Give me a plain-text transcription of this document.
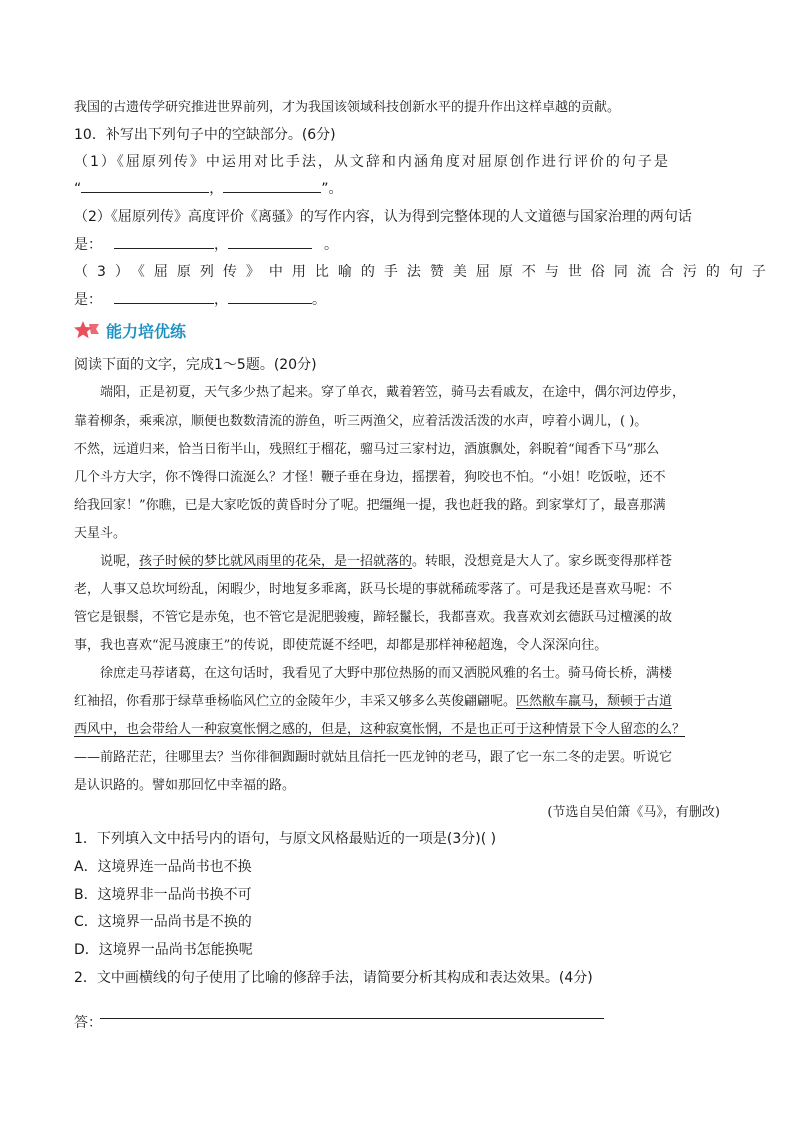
我国的古遗传学研究推进世界前列，才为我国该领域科技创新水平的提升作出这样卓越的贡献。
10．补写出下列句子中的空缺部分。(6分)
（1）《屈原列传》中运用对比手法，从文辞和内涵角度对屈原创作进行评价的句子是
“	，	”。
（2）《屈原列传》高度评价《离骚》的写作内容，认为得到完整体现的人文道德与国家治理的两句话
是：	，	。
（3）《屈原列传》中用比喻的手法赞美屈原不与世俗同流合污的句子
是：	，	。
能力培优练
阅读下面的文字，完成1～5题。(20分)
端阳，正是初夏，天气多少热了起来。穿了单衣，戴着箬笠，骑马去看戚友，在途中，偶尔河边停步，
靠着柳条，乘乘凉，顺便也数数清流的游鱼，听三两渔父，应着活泼活泼的水声，哼着小调儿，( )。
不然，远道归来，恰当日衔半山，残照红于榴花，骝马过三家村边，酒旗飘处，斜睨着“闻香下马”那么
几个斗方大字，你不馋得口流涎么？才怪！鞭子垂在身边，摇摆着，狗咬也不怕。“小姐！吃饭啦，还不
给我回家！”你瞧，已是大家吃饭的黄昏时分了呢。把缰绳一提，我也赶我的路。到家掌灯了，最喜那满
天星斗。
说呢，孩子时候的梦比就风雨里的花朵，是一招就落的。转眼，没想竟是大人了。家乡既变得那样苍
老，人事又总坎坷纷乱，闲暇少，时地复多乖离，跃马长堤的事就稀疏零落了。可是我还是喜欢马呢：不
管它是银鬃，不管它是赤兔，也不管它是泥肥骏瘦，蹄轻鬣长，我都喜欢。我喜欢刘玄德跃马过檀溪的故
事，我也喜欢“泥马渡康王”的传说，即使荒诞不经吧，却都是那样神秘超逸，令人深深向往。
徐庶走马荐诸葛，在这句话时，我看见了大野中那位热肠的而又洒脱风雅的名士。骑马倚长桥，满楼
红袖招，你看那于绿草垂杨临风伫立的金陵年少，丰采又够多么英俊翩翩呢。匹然敝车羸马，颓顿于古道
西风中，也会带给人一种寂寞怅惘之感的，但是，这种寂寞怅惘，不是也正可于这种情景下令人留恋的么？
——前路茫茫，往哪里去？当你徘徊踟蹰时就姑且信托一匹龙钟的老马，跟了它一东二冬的走罢。听说它
是认识路的。譬如那回忆中幸福的路。
(节选自吴伯箫《马》，有删改)
1．下列填入文中括号内的语句，与原文风格最贴近的一项是(3分)( )
A．这境界连一品尚书也不换
B．这境界非一品尚书换不可
C．这境界一品尚书是不换的
D．这境界一品尚书怎能换呢
2．文中画横线的句子使用了比喻的修辞手法，请简要分析其构成和表达效果。(4分)
答：
